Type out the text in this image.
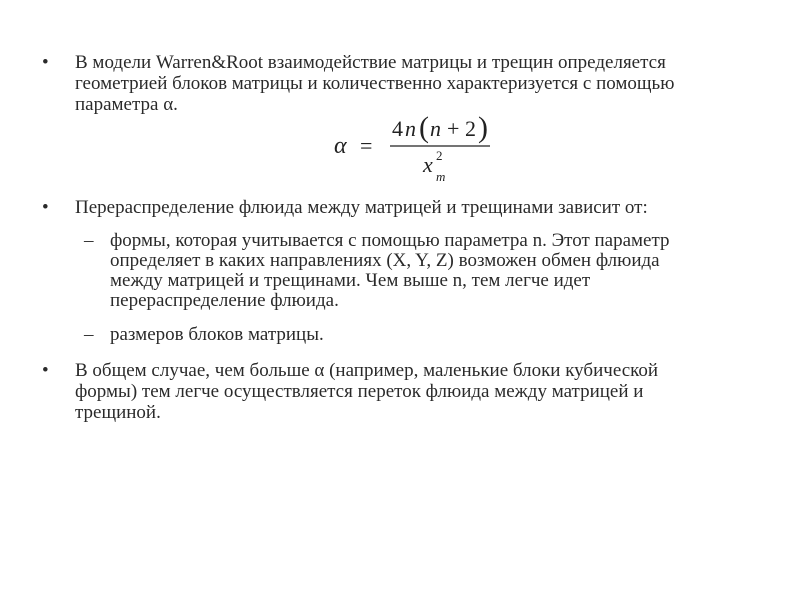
• В модели Warren&Root взаимодействие матрицы и трещин определяется
геометрией блоков матрицы и количественно характеризуется с помощью
параметра α.
α =
4 n ( n + 2 )
x 2
m
• Перераспределение флюида между матрицей и трещинами зависит от:
– формы, которая учитывается с помощью параметра n. Этот параметр
определяет в каких направлениях (X, Y, Z) возможен обмен флюида
между матрицей и трещинами. Чем выше n, тем легче идет
перераспределение флюида.
– размеров блоков матрицы.
• В общем случае, чем больше α (например, маленькие блоки кубической
формы) тем легче осуществляется переток флюида между матрицей и
трещиной.
